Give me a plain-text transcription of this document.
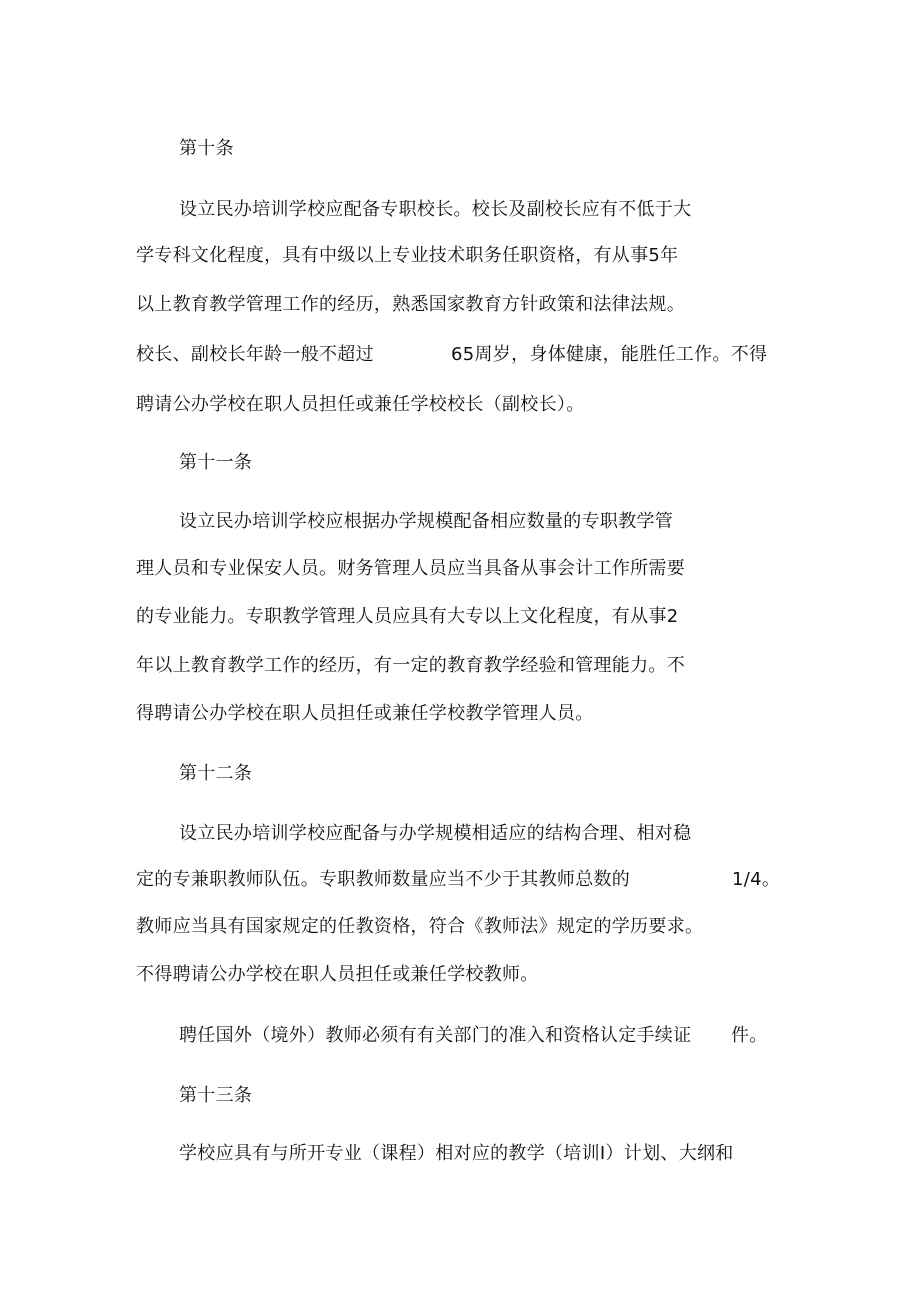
第十条
设立民办培训学校应配备专职校长。校长及副校长应有不低于大
学专科文化程度，具有中级以上专业技术职务任职资格，有从事5年
以上教育教学管理工作的经历，熟悉国家教育方针政策和法律法规。
校长、副校长年龄一般不超过	65周岁，身体健康，能胜任工作。不得
聘请公办学校在职人员担任或兼任学校校长（副校长）。
第十一条
设立民办培训学校应根据办学规模配备相应数量的专职教学管
理人员和专业保安人员。财务管理人员应当具备从事会计工作所需要
的专业能力。专职教学管理人员应具有大专以上文化程度，有从事2
年以上教育教学工作的经历，有一定的教育教学经验和管理能力。不
得聘请公办学校在职人员担任或兼任学校教学管理人员。
第十二条
设立民办培训学校应配备与办学规模相适应的结构合理、相对稳
定的专兼职教师队伍。专职教师数量应当不少于其教师总数的	1/4。
教师应当具有国家规定的任教资格，符合《教师法》规定的学历要求。
不得聘请公办学校在职人员担任或兼任学校教师。
聘任国外（境外）教师必须有有关部门的准入和资格认定手续证 件。
第十三条
学校应具有与所开专业（课程）相对应的教学（培训I）计划、大纲和
